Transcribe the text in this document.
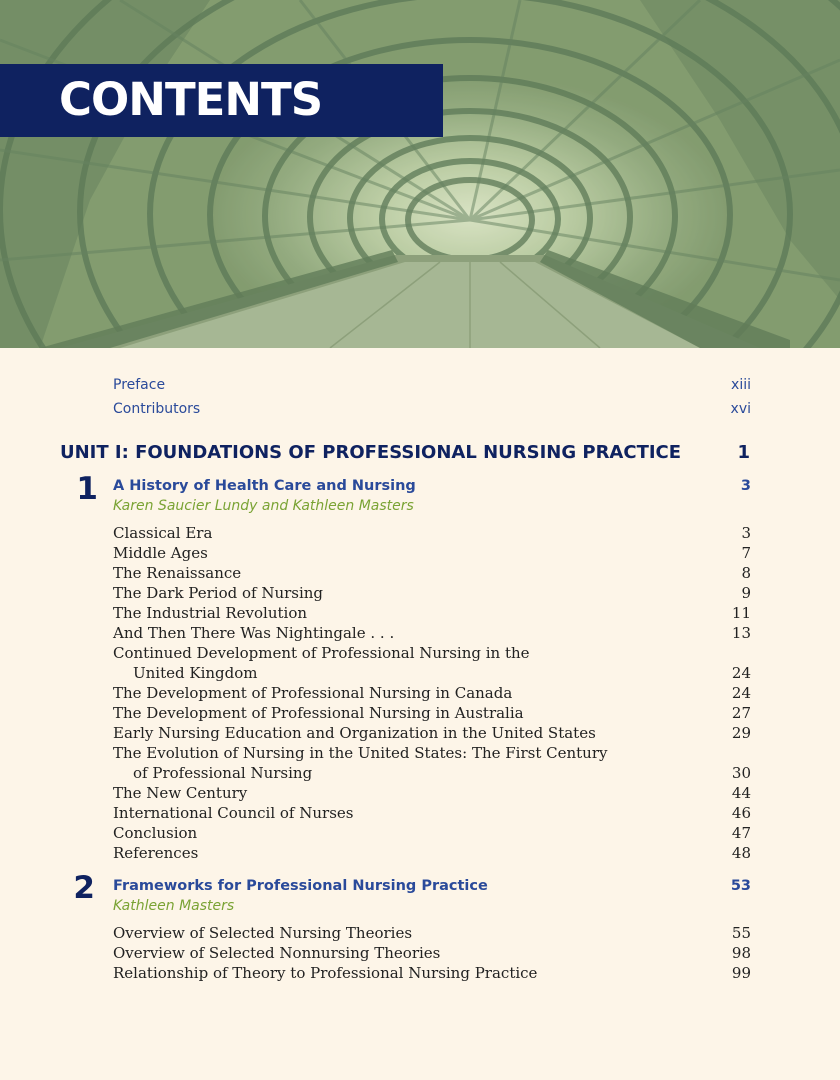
CONTENTS
Preface	xiii
Contributors	xvi
UNIT I: FOUNDATIONS OF PROFESSIONAL NURSING PRACTICE	1
1 A History of Health Care and Nursing	3
Karen Saucier Lundy and Kathleen Masters
Classical Era	3
Middle Ages	7
The Renaissance	8
The Dark Period of Nursing	9
The Industrial Revolution	11
And Then There Was Nightingale . . .	13
Continued Development of Professional Nursing in the
United Kingdom	24
The Development of Professional Nursing in Canada	24
The Development of Professional Nursing in Australia	27
Early Nursing Education and Organization in the United States	29
The Evolution of Nursing in the United States: The First Century
of Professional Nursing	30
The New Century	44
International Council of Nurses	46
Conclusion	47
References	48
2 Frameworks for Professional Nursing Practice	53
Kathleen Masters
Overview of Selected Nursing Theories	55
Overview of Selected Nonnursing Theories	98
Relationship of Theory to Professional Nursing Practice	99
